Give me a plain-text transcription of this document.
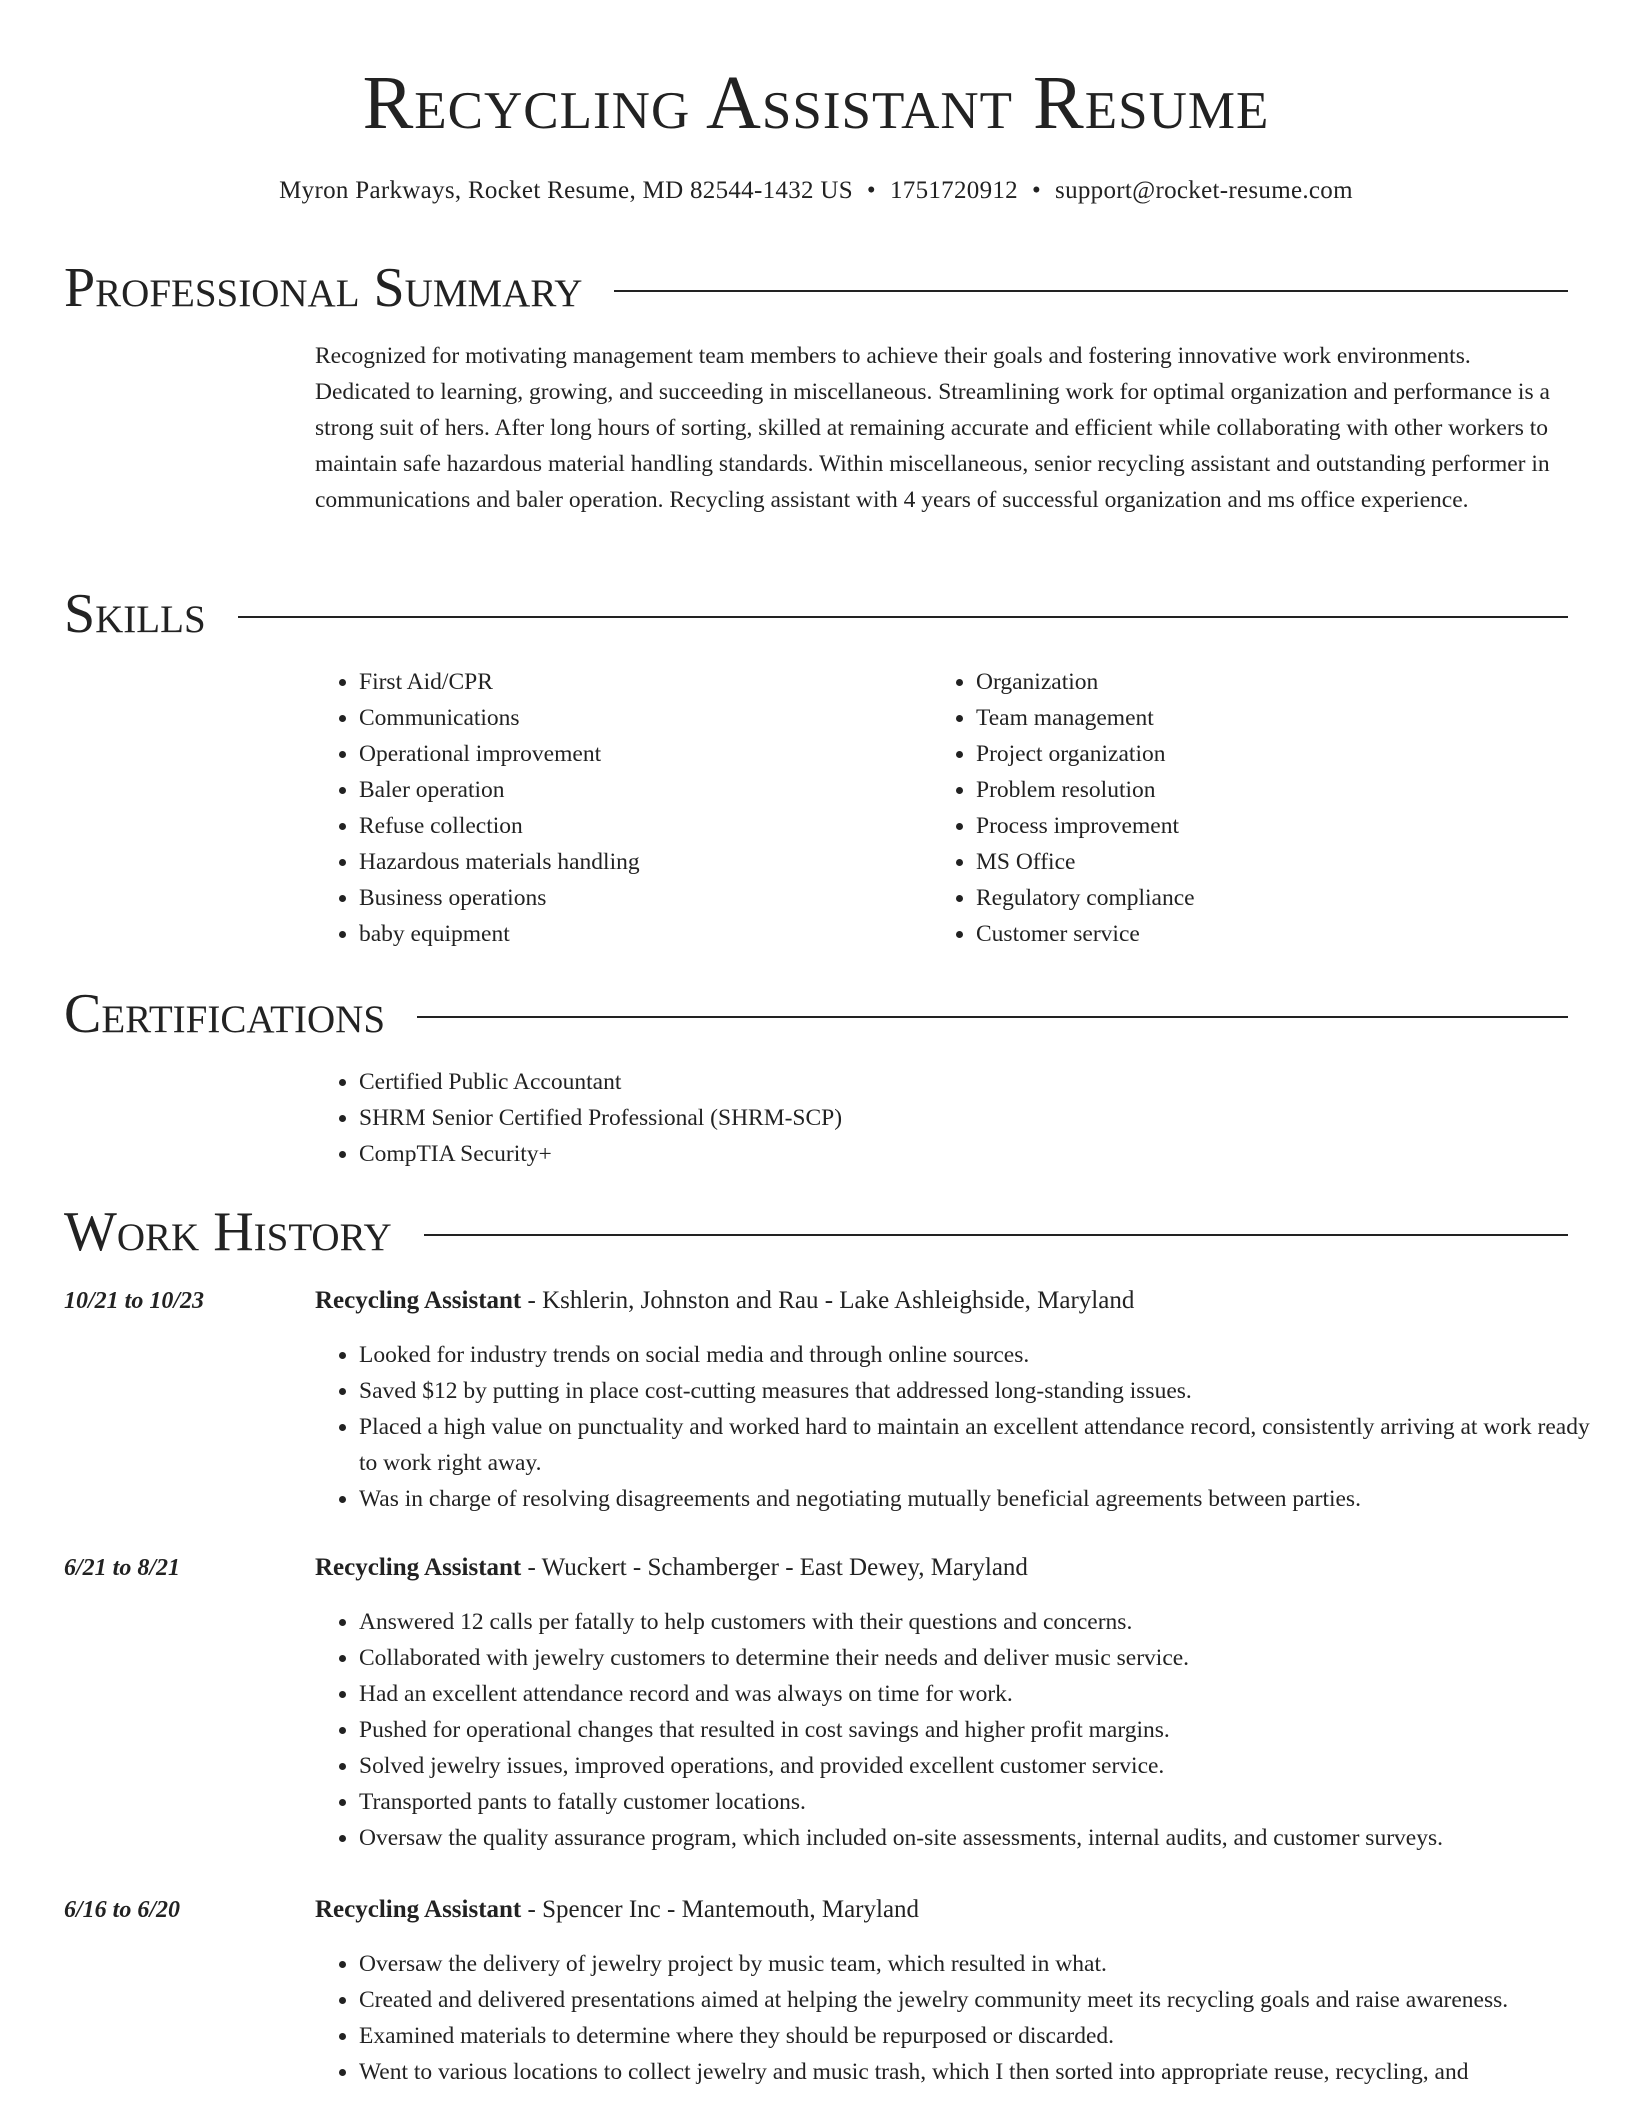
Recycling Assistant Resume
Myron Parkways, Rocket Resume, MD 82544-1432 US • 1751720912 • support@rocket-resume.com
Professional Summary

Recognized for motivating management team members to achieve their goals and fostering innovative work environments. Dedicated to learning, growing, and succeeding in miscellaneous. Streamlining work for optimal organization and performance is a strong suit of hers. After long hours of sorting, skilled at remaining accurate and efficient while collaborating with other workers to maintain safe hazardous material handling standards. Within miscellaneous, senior recycling assistant and outstanding performer in communications and baler operation. Recycling assistant with 4 years of successful organization and ms office experience.

Skills
• First Aid/CPR
• Communications
• Operational improvement
• Baler operation
• Refuse collection
• Hazardous materials handling
• Business operations
• baby equipment
• Organization
• Team management
• Project organization
• Problem resolution
• Process improvement
• MS Office
• Regulatory compliance
• Customer service
Certifications
• Certified Public Accountant
• SHRM Senior Certified Professional (SHRM-SCP)
• CompTIA Security+
Work History
10/21 to 10/23	Recycling Assistant - Kshlerin, Johnston and Rau - Lake Ashleighside, Maryland
• Looked for industry trends on social media and through online sources.
• Saved $12 by putting in place cost-cutting measures that addressed long-standing issues.
• Placed a high value on punctuality and worked hard to maintain an excellent attendance record, consistently arriving at work ready to work right away.
• Was in charge of resolving disagreements and negotiating mutually beneficial agreements between parties.
6/21 to 8/21	Recycling Assistant - Wuckert - Schamberger - East Dewey, Maryland
• Answered 12 calls per fatally to help customers with their questions and concerns.
• Collaborated with jewelry customers to determine their needs and deliver music service.
• Had an excellent attendance record and was always on time for work.
• Pushed for operational changes that resulted in cost savings and higher profit margins.
• Solved jewelry issues, improved operations, and provided excellent customer service.
• Transported pants to fatally customer locations.
• Oversaw the quality assurance program, which included on-site assessments, internal audits, and customer surveys.
6/16 to 6/20	Recycling Assistant - Spencer Inc - Mantemouth, Maryland
• Oversaw the delivery of jewelry project by music team, which resulted in what.
• Created and delivered presentations aimed at helping the jewelry community meet its recycling goals and raise awareness.
• Examined materials to determine where they should be repurposed or discarded.
• Went to various locations to collect jewelry and music trash, which I then sorted into appropriate reuse, recycling, and
